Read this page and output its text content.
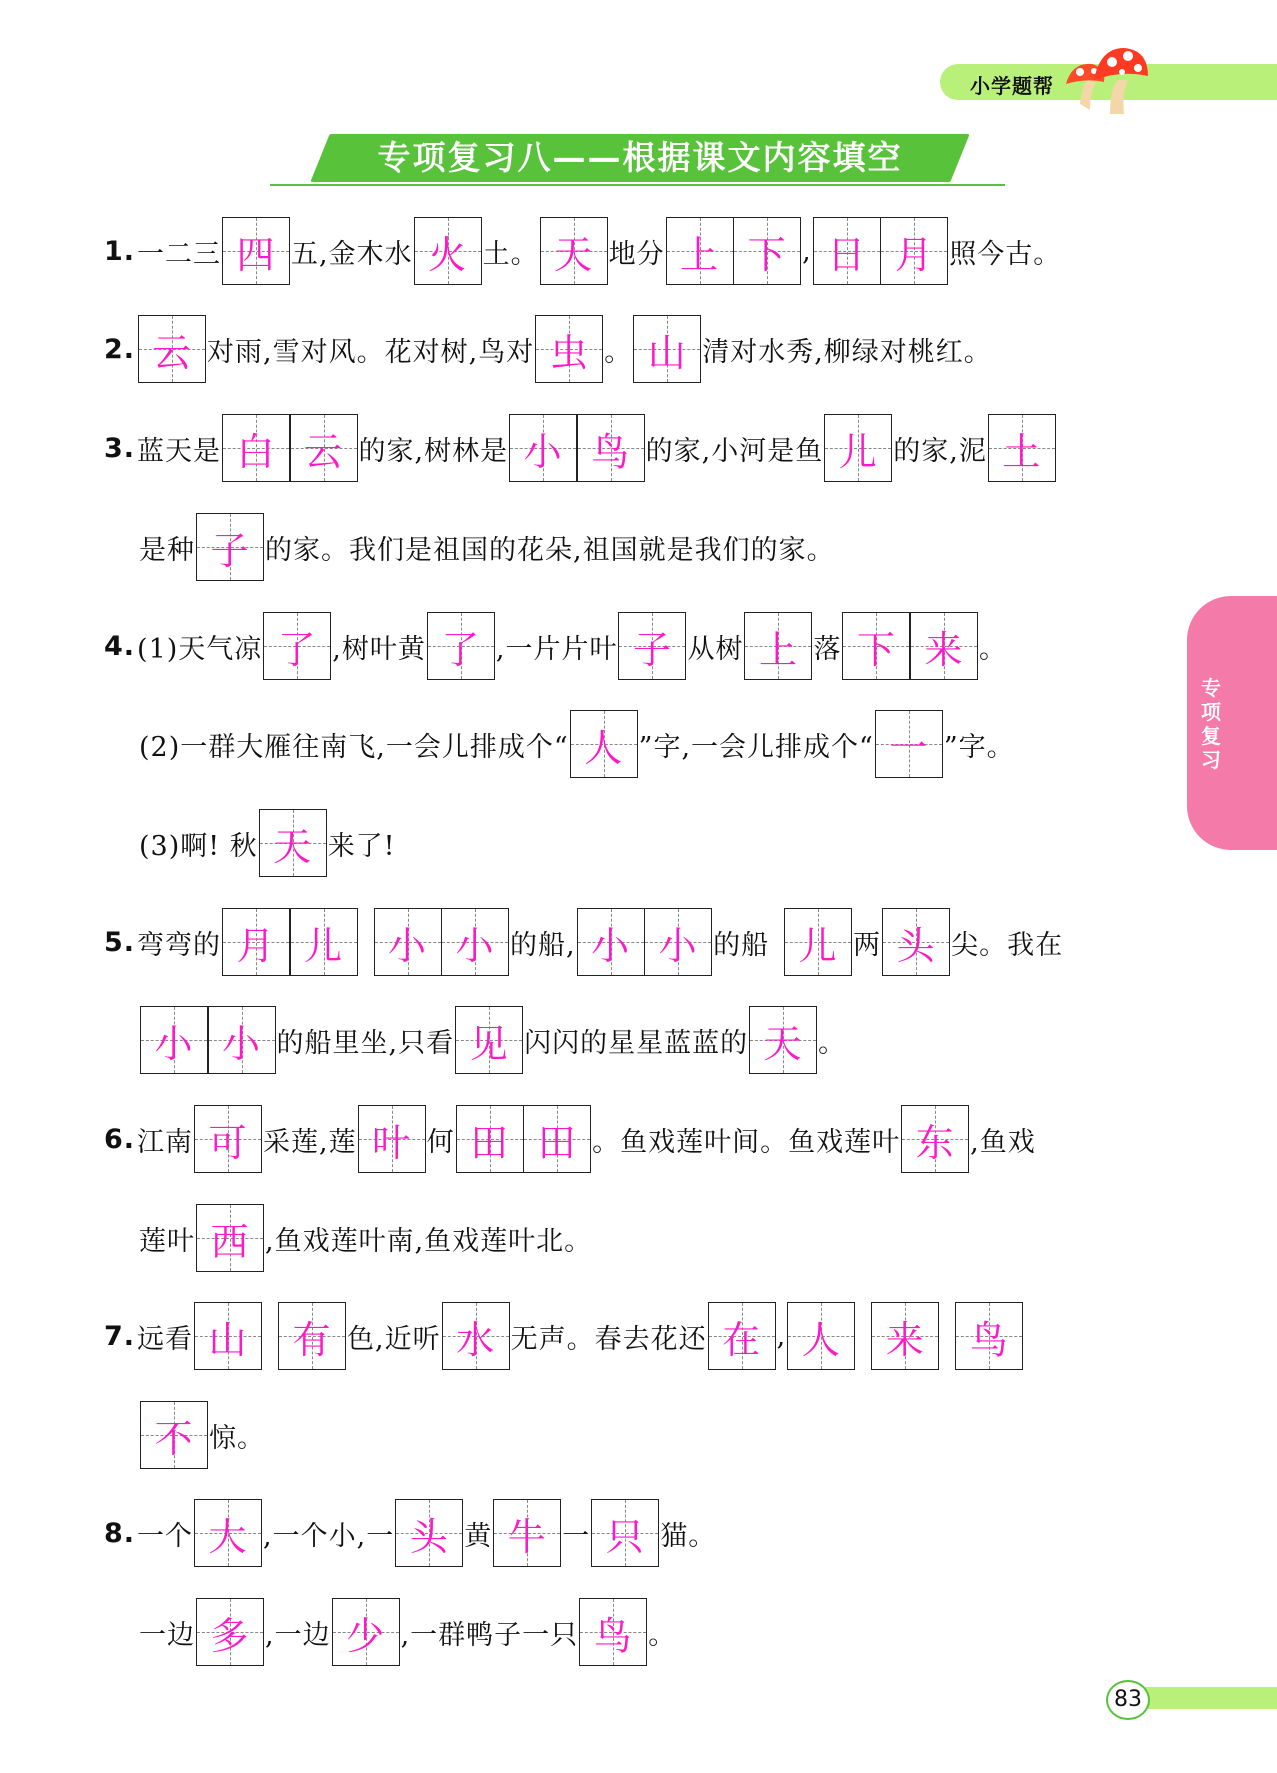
小学题帮
专项复习八——根据课文内容填空
专项复习
83
1. 一二三 四 五,金木水 火 土。 天 地分 上 下 , 日 月 照今古。
2. 云 对雨,雪对风。花对树,鸟对 虫 。 山 清对水秀,柳绿对桃红。
3. 蓝天是 白 云 的家,树林是 小 鸟 的家,小河是鱼 儿 的家,泥 土
是种 子 的家。我们是祖国的花朵,祖国就是我们的家。
4. (1)天气凉 了 ,树叶黄 了 ,一片片叶 子 从树 上 落 下 来 。
(2)一群大雁往南飞,一会儿排成个“ 人 ”字,一会儿排成个“ 一 ”字。
(3)啊! 秋 天 来了!
5. 弯弯的 月 儿	小 小 的船, 小 小 的船 儿 两 头 尖。我在
小 小 的船里坐,只看 见 闪闪的星星蓝蓝的 天 。
6. 江南 可 采莲,莲 叶 何 田 田 。鱼戏莲叶间。鱼戏莲叶 东 ,鱼戏
莲叶 西 ,鱼戏莲叶南,鱼戏莲叶北。
7. 远看 山	有 色,近听 水 无声。春去花还 在 , 人	来	鸟
不 惊。
8. 一个 大 ,一个小,一 头 黄 牛 一 只 猫。
一边 多 ,一边 少 ,一群鸭子一只 鸟 。
